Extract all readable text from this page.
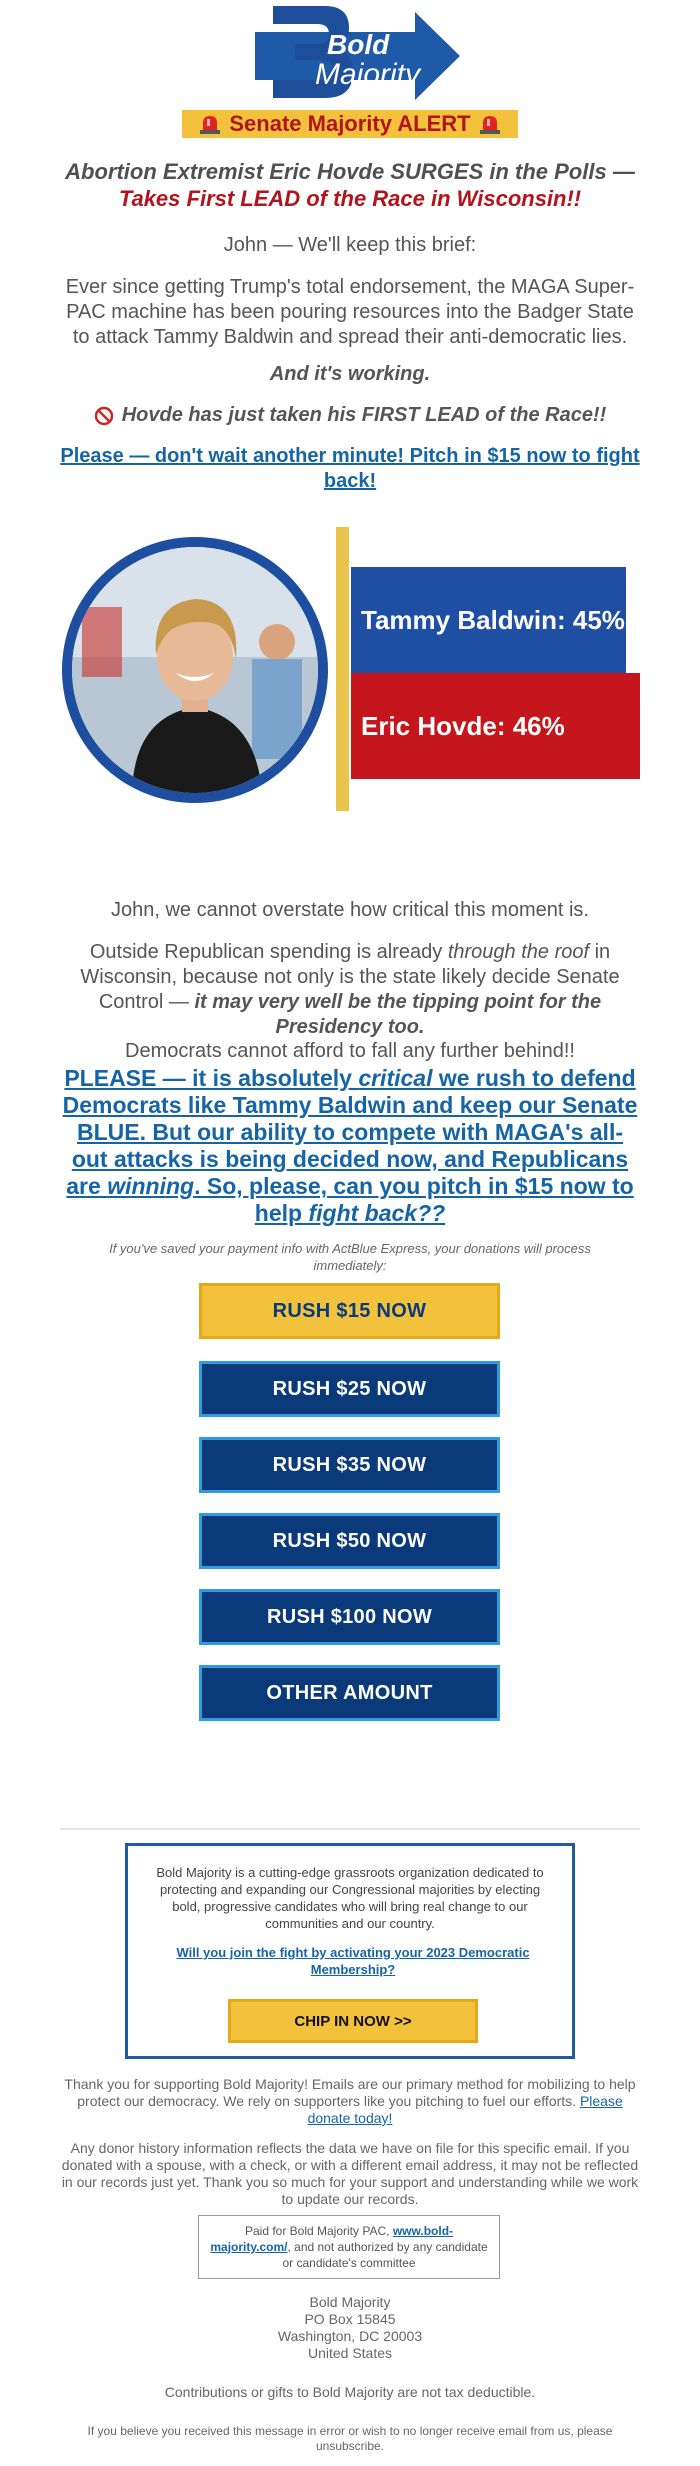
Bold
Majority
Senate Majority ALERT
Abortion Extremist Eric Hovde SURGES in the Polls —
Takes First LEAD of the Race in Wisconsin!!
John — We'll keep this brief:
Ever since getting Trump's total endorsement, the MAGA Super-PAC machine has been pouring resources into the Badger State to attack Tammy Baldwin and spread their anti-democratic lies.
And it's working.
Hovde has just taken his FIRST LEAD of the Race!!
Please — don't wait another minute! Pitch in $15 now to fight back!
Tammy Baldwin: 45%
Eric Hovde: 46%
John, we cannot overstate how critical this moment is.
Outside Republican spending is already through the roof in Wisconsin, because not only is the state likely decide Senate Control — it may very well be the tipping point for the Presidency too.
Democrats cannot afford to fall any further behind!!
PLEASE — it is absolutely critical we rush to defend Democrats like Tammy Baldwin and keep our Senate BLUE. But our ability to compete with MAGA's all-out attacks is being decided now, and Republicans are winning. So, please, can you pitch in $15 now to help fight back??
If you've saved your payment info with ActBlue Express, your donations will process immediately:
RUSH $15 NOW
RUSH $25 NOW
RUSH $35 NOW
RUSH $50 NOW
RUSH $100 NOW
OTHER AMOUNT
Bold Majority is a cutting-edge grassroots organization dedicated to protecting and expanding our Congressional majorities by electing bold, progressive candidates who will bring real change to our communities and our country.
Will you join the fight by activating your 2023 Democratic Membership?
CHIP IN NOW >>
Thank you for supporting Bold Majority! Emails are our primary method for mobilizing to help protect our democracy. We rely on supporters like you pitching to fuel our efforts. Please donate today!
Any donor history information reflects the data we have on file for this specific email. If you donated with a spouse, with a check, or with a different email address, it may not be reflected in our records just yet. Thank you so much for your support and understanding while we work to update our records.
Paid for Bold Majority PAC, www.bold-majority.com/, and not authorized by any candidate or candidate's committee
Bold Majority
PO Box 15845
Washington, DC 20003
United States
Contributions or gifts to Bold Majority are not tax deductible.
If you believe you received this message in error or wish to no longer receive email from us, please unsubscribe.
